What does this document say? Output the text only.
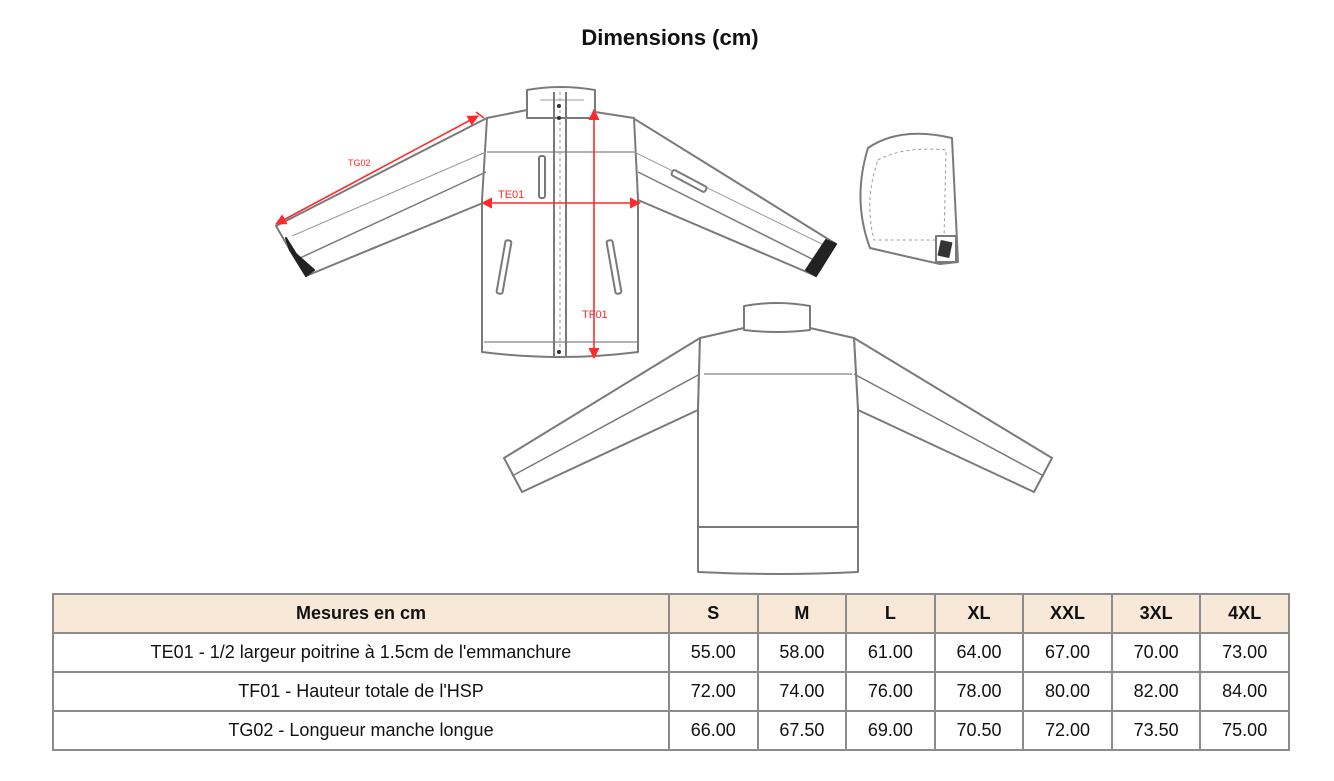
Dimensions (cm)
TE01
TF01
TG02
Mesures en cm	S	M	L	XL	XXL	3XL	4XL
TE01 - 1/2 largeur poitrine à 1.5cm de l'emmanchure	55.00	58.00	61.00	64.00	67.00	70.00	73.00
TF01 - Hauteur totale de l'HSP	72.00	74.00	76.00	78.00	80.00	82.00	84.00
TG02 - Longueur manche longue	66.00	67.50	69.00	70.50	72.00	73.50	75.00
